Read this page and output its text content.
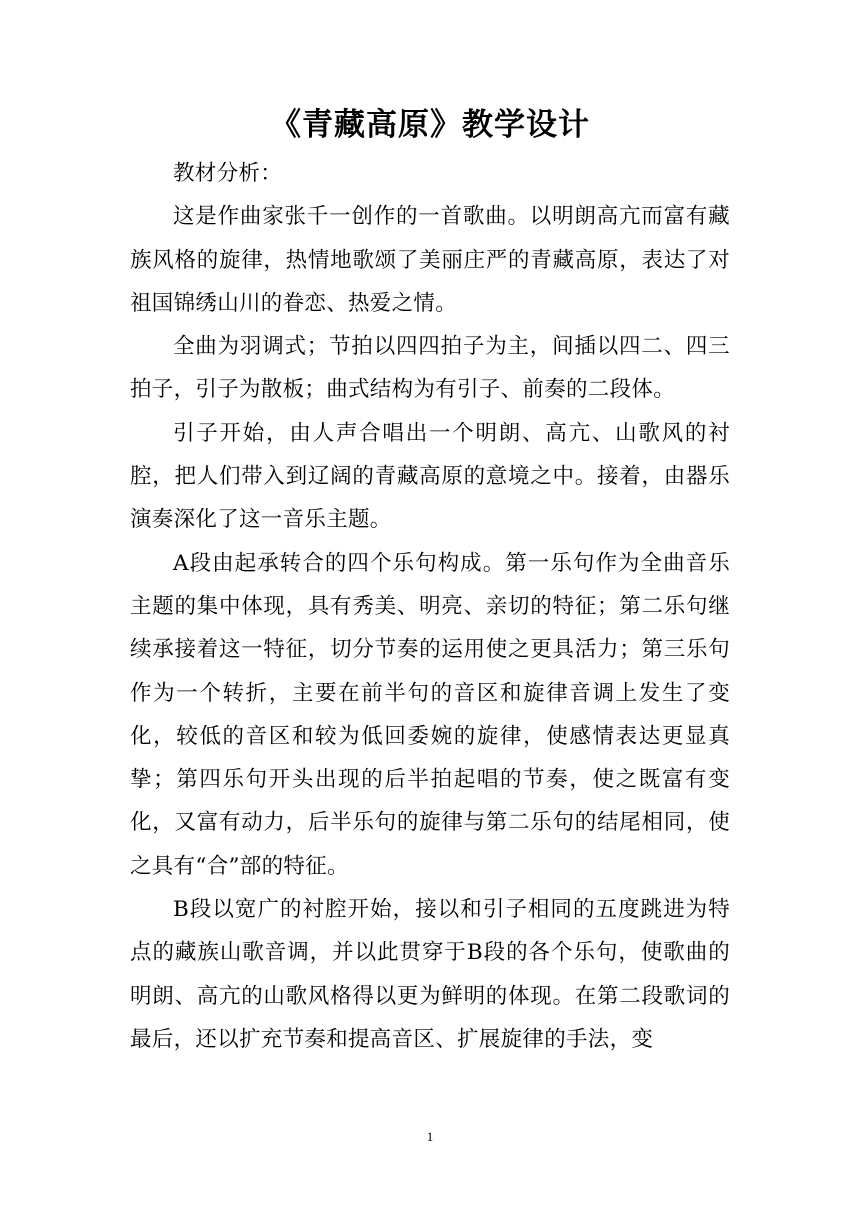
《青藏高原》教学设计

教材分析：

这是作曲家张千一创作的一首歌曲。以明朗高亢而富有藏族风格的旋律，热情地歌颂了美丽庄严的青藏高原，表达了对祖国锦绣山川的眷恋、热爱之情。

全曲为羽调式；节拍以四四拍子为主，间插以四二、四三拍子，引子为散板；曲式结构为有引子、前奏的二段体。

引子开始，由人声合唱出一个明朗、高亢、山歌风的衬腔，把人们带入到辽阔的青藏高原的意境之中。接着，由器乐演奏深化了这一音乐主题。

A段由起承转合的四个乐句构成。第一乐句作为全曲音乐主题的集中体现，具有秀美、明亮、亲切的特征；第二乐句继续承接着这一特征，切分节奏的运用使之更具活力；第三乐句作为一个转折，主要在前半句的音区和旋律音调上发生了变化，较低的音区和较为低回委婉的旋律，使感情表达更显真挚；第四乐句开头出现的后半拍起唱的节奏，使之既富有变化，又富有动力，后半乐句的旋律与第二乐句的结尾相同，使之具有“合”部的特征。

B段以宽广的衬腔开始，接以和引子相同的五度跳进为特点的藏族山歌音调，并以此贯穿于B段的各个乐句，使歌曲的明朗、高亢的山歌风格得以更为鲜明的体现。在第二段歌词的最后，还以扩充节奏和提高音区、扩展旋律的手法，变

1
